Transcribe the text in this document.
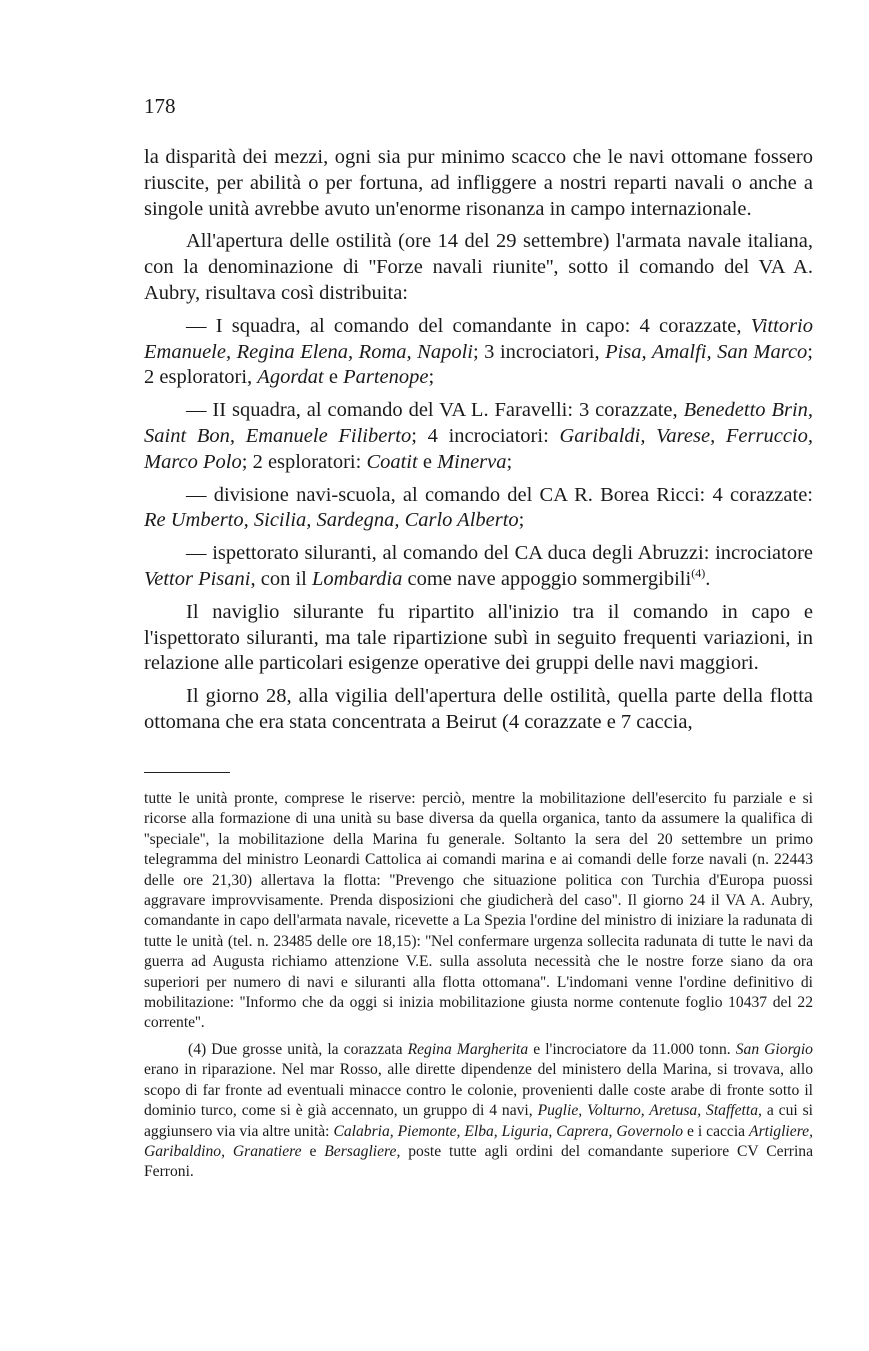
178

la disparità dei mezzi, ogni sia pur minimo scacco che le navi ottomane fossero riuscite, per abilità o per fortuna, ad infliggere a nostri reparti navali o anche a singole unità avrebbe avuto un'enorme risonanza in campo internazionale.

All'apertura delle ostilità (ore 14 del 29 settembre) l'armata navale italiana, con la denominazione di ''Forze navali riunite'', sotto il comando del VA A. Aubry, risultava così distribuita:

— I squadra, al comando del comandante in capo: 4 corazzate, Vittorio Emanuele, Regina Elena, Roma, Napoli; 3 incrociatori, Pisa, Amalfi, San Marco; 2 esploratori, Agordat e Partenope;

— II squadra, al comando del VA L. Faravelli: 3 corazzate, Benedetto Brin, Saint Bon, Emanuele Filiberto; 4 incrociatori: Garibaldi, Varese, Ferruccio, Marco Polo; 2 esploratori: Coatit e Minerva;

— divisione navi-scuola, al comando del CA R. Borea Ricci: 4 corazzate: Re Umberto, Sicilia, Sardegna, Carlo Alberto;

— ispettorato siluranti, al comando del CA duca degli Abruzzi: incrociatore Vettor Pisani, con il Lombardia come nave appoggio sommergibili$^{(4)}$.

Il naviglio silurante fu ripartito all'inizio tra il comando in capo e l'ispettorato siluranti, ma tale ripartizione subì in seguito frequenti variazioni, in relazione alle particolari esigenze operative dei gruppi delle navi maggiori.

Il giorno 28, alla vigilia dell'apertura delle ostilità, quella parte della flotta ottomana che era stata concentrata a Beirut (4 corazzate e 7 caccia,

tutte le unità pronte, comprese le riserve: perciò, mentre la mobilitazione dell'esercito fu parziale e si ricorse alla formazione di una unità su base diversa da quella organica, tanto da assumere la qualifica di ''speciale'', la mobilitazione della Marina fu generale. Soltanto la sera del 20 settembre un primo telegramma del ministro Leonardi Cattolica ai comandi marina e ai comandi delle forze navali (n. 22443 delle ore 21,30) allertava la flotta: ''Prevengo che situazione politica con Turchia d'Europa puossi aggravare improvvisamente. Prenda disposizioni che giudicherà del caso''. Il giorno 24 il VA A. Aubry, comandante in capo dell'armata navale, ricevette a La Spezia l'ordine del ministro di iniziare la radunata di tutte le unità (tel. n. 23485 delle ore 18,15): ''Nel confermare urgenza sollecita radunata di tutte le navi da guerra ad Augusta richiamo attenzione V.E. sulla assoluta necessità che le nostre forze siano da ora superiori per numero di navi e siluranti alla flotta ottomana''. L'indomani venne l'ordine definitivo di mobilitazione: ''Informo che da oggi si inizia mobilitazione giusta norme contenute foglio 10437 del 22 corrente''.

(4) Due grosse unità, la corazzata Regina Margherita e l'incrociatore da 11.000 tonn. San Giorgio erano in riparazione. Nel mar Rosso, alle dirette dipendenze del ministero della Marina, si trovava, allo scopo di far fronte ad eventuali minacce contro le colonie, provenienti dalle coste arabe di fronte sotto il dominio turco, come si è già accennato, un gruppo di 4 navi, Puglie, Volturno, Aretusa, Staffetta, a cui si aggiunsero via via altre unità: Calabria, Piemonte, Elba, Liguria, Caprera, Governolo e i caccia Artigliere, Garibaldino, Granatiere e Bersagliere, poste tutte agli ordini del comandante superiore CV Cerrina Ferroni.
